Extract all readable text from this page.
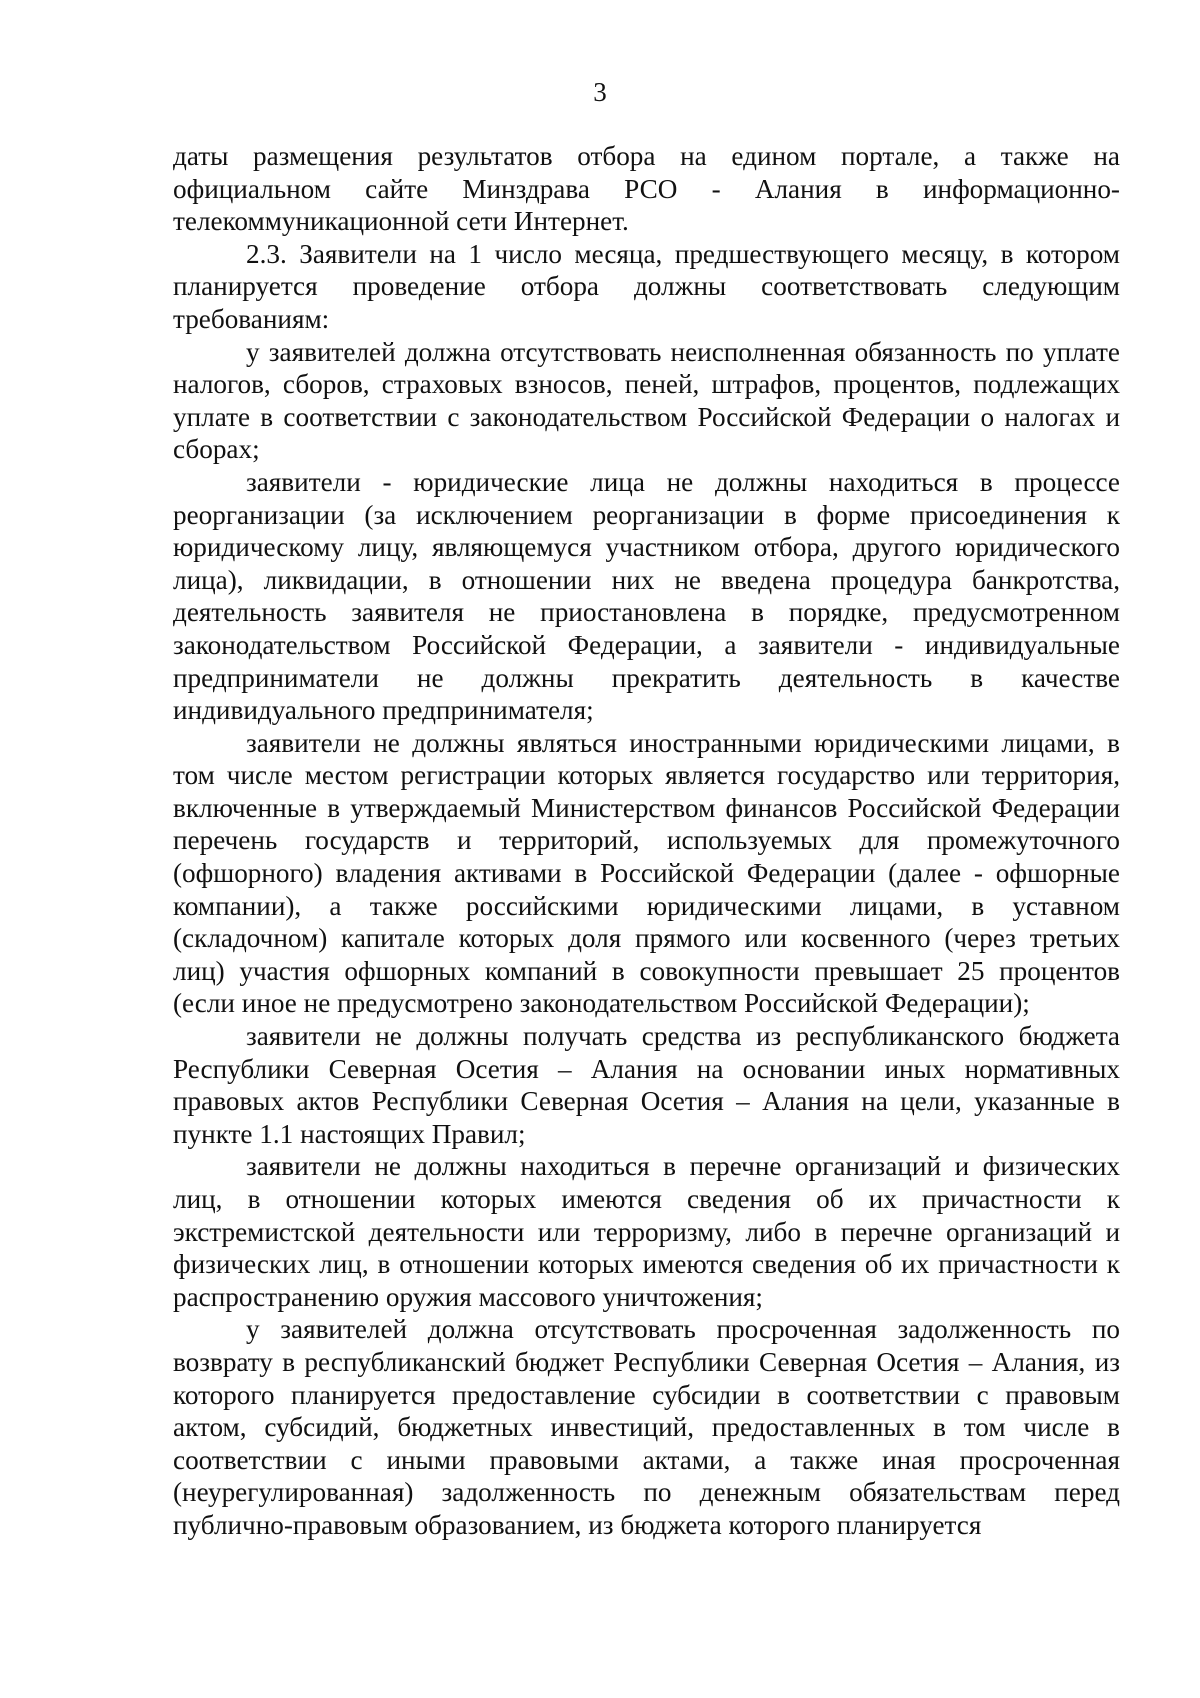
3

даты размещения результатов отбора на едином портале, а также на официальном сайте Минздрава РСО - Алания в информационно-телекоммуникационной сети Интернет.

2.3. Заявители на 1 число месяца, предшествующего месяцу, в котором планируется проведение отбора должны соответствовать следующим требованиям:

у заявителей должна отсутствовать неисполненная обязанность по уплате налогов, сборов, страховых взносов, пеней, штрафов, процентов, подлежащих уплате в соответствии с законодательством Российской Федерации о налогах и сборах;

заявители - юридические лица не должны находиться в процессе реорганизации (за исключением реорганизации в форме присоединения к юридическому лицу, являющемуся участником отбора, другого юридического лица), ликвидации, в отношении них не введена процедура банкротства, деятельность заявителя не приостановлена в порядке, предусмотренном законодательством Российской Федерации, а заявители - индивидуальные предприниматели не должны прекратить деятельность в качестве индивидуального предпринимателя;

заявители не должны являться иностранными юридическими лицами, в том числе местом регистрации которых является государство или территория, включенные в утверждаемый Министерством финансов Российской Федерации перечень государств и территорий, используемых для промежуточного (офшорного) владения активами в Российской Федерации (далее - офшорные компании), а также российскими юридическими лицами, в уставном (складочном) капитале которых доля прямого или косвенного (через третьих лиц) участия офшорных компаний в совокупности превышает 25 процентов (если иное не предусмотрено законодательством Российской Федерации);

заявители не должны получать средства из республиканского бюджета Республики Северная Осетия – Алания на основании иных нормативных правовых актов Республики Северная Осетия – Алания на цели, указанные в пункте 1.1 настоящих Правил;

заявители не должны находиться в перечне организаций и физических лиц, в отношении которых имеются сведения об их причастности к экстремистской деятельности или терроризму, либо в перечне организаций и физических лиц, в отношении которых имеются сведения об их причастности к распространению оружия массового уничтожения;

у заявителей должна отсутствовать просроченная задолженность по возврату в республиканский бюджет Республики Северная Осетия – Алания, из которого планируется предоставление субсидии в соответствии с правовым актом, субсидий, бюджетных инвестиций, предоставленных в том числе в соответствии с иными правовыми актами, а также иная просроченная (неурегулированная) задолженность по денежным обязательствам перед публично-правовым образованием, из бюджета которого планируется
